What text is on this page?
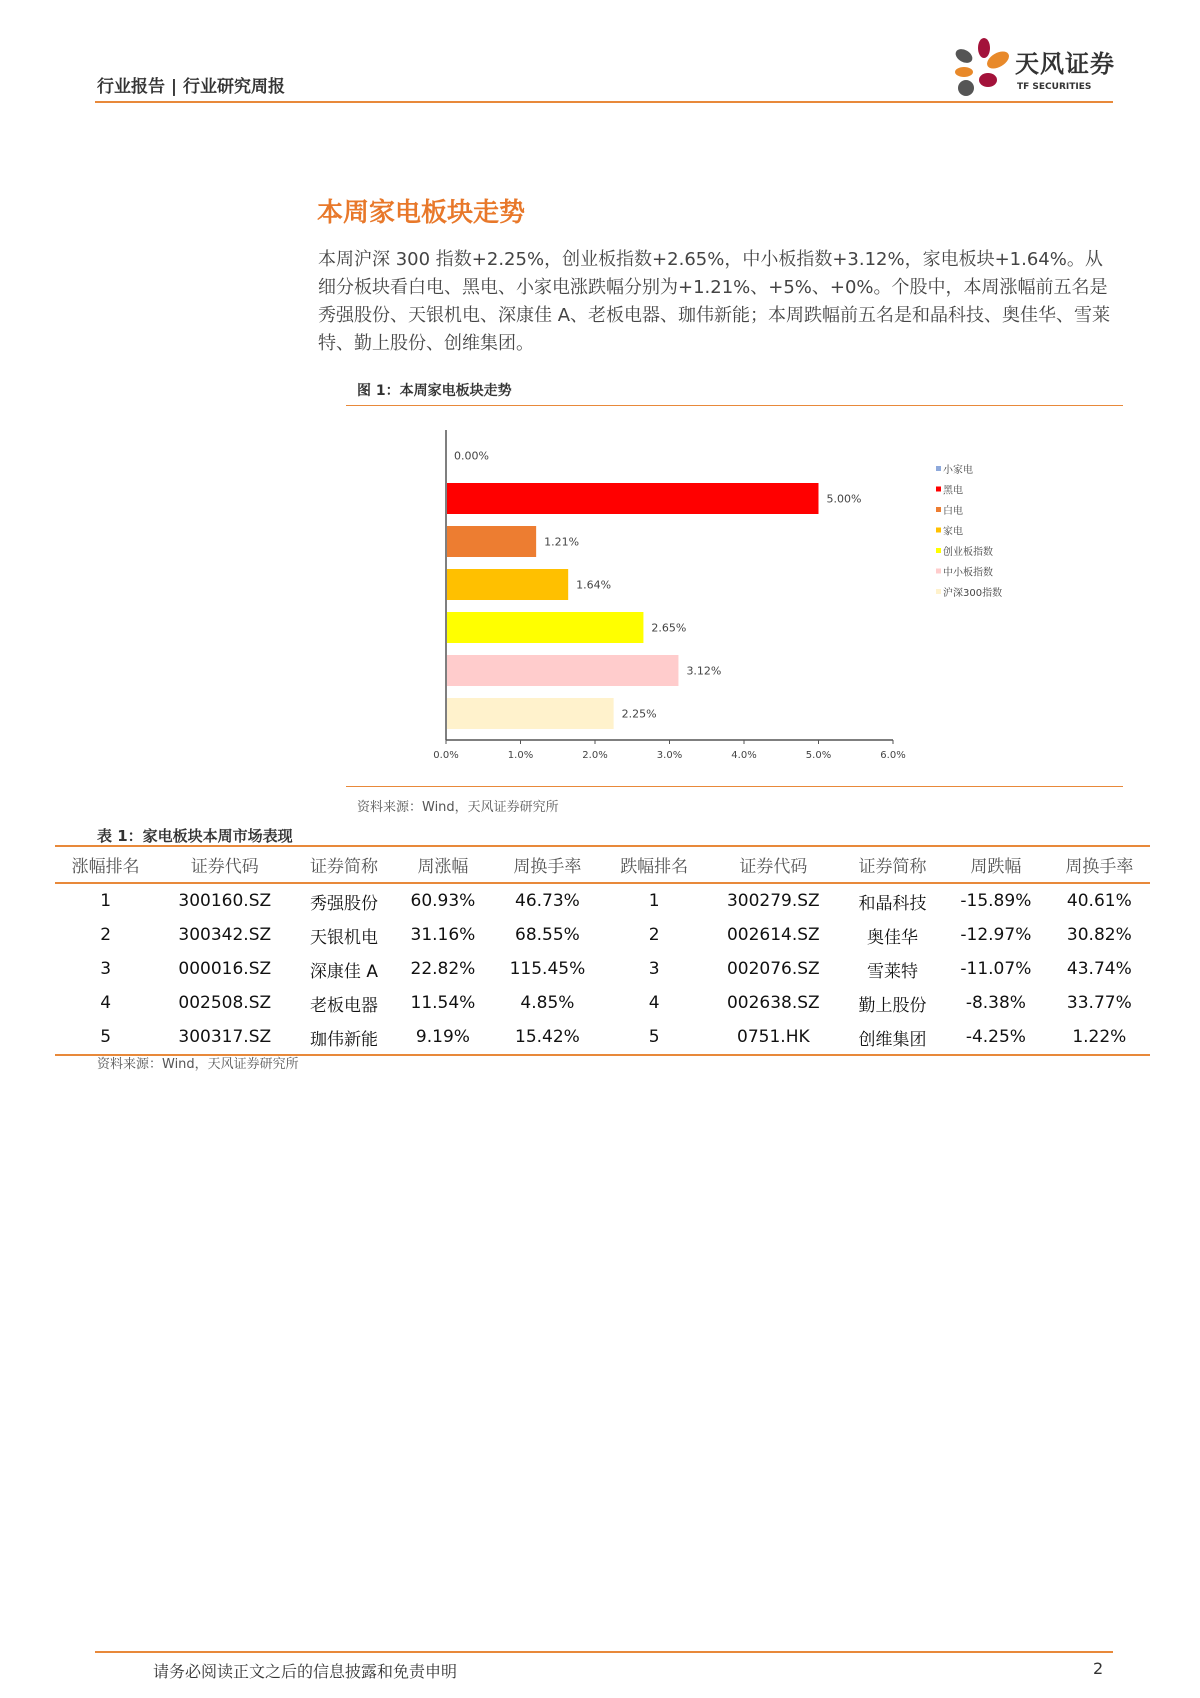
行业报告 | 行业研究周报
天风证券
TF SECURITIES
本周家电板块走势
本周沪深 300 指数+2.25%，创业板指数+2.65%，中小板指数+3.12%，家电板块+1.64%。从细分板块看白电、黑电、小家电涨跌幅分别为+1.21%、+5%、+0%。个股中，本周涨幅前五名是秀强股份、天银机电、深康佳 A、老板电器、珈伟新能；本周跌幅前五名是和晶科技、奥佳华、雪莱特、勤上股份、创维集团。
图 1：本周家电板块走势
0.0%	1.0%	2.0%	3.0%	4.0%	5.0%	6.0%
0.00%
小家电
5.00%
黑电
1.21%
白电
1.64%
家电
2.65%
创业板指数
3.12%
中小板指数
2.25%
沪深300指数
资料来源：Wind，天风证券研究所
表 1：家电板块本周市场表现
涨幅排名	证券代码	证券简称	周涨幅	周换手率	跌幅排名	证券代码	证券简称	周跌幅	周换手率
1	300160.SZ	秀强股份	60.93%	46.73%	1	300279.SZ	和晶科技	-15.89%	40.61%
2	300342.SZ	天银机电	31.16%	68.55%	2	002614.SZ	奥佳华	-12.97%	30.82%
3	000016.SZ	深康佳 A	22.82%	115.45%	3	002076.SZ	雪莱特	-11.07%	43.74%
4	002508.SZ	老板电器	11.54%	4.85%	4	002638.SZ	勤上股份	-8.38%	33.77%
5	300317.SZ	珈伟新能	9.19%	15.42%	5	0751.HK	创维集团	-4.25%	1.22%
资料来源：Wind，天风证券研究所
请务必阅读正文之后的信息披露和免责申明	2
